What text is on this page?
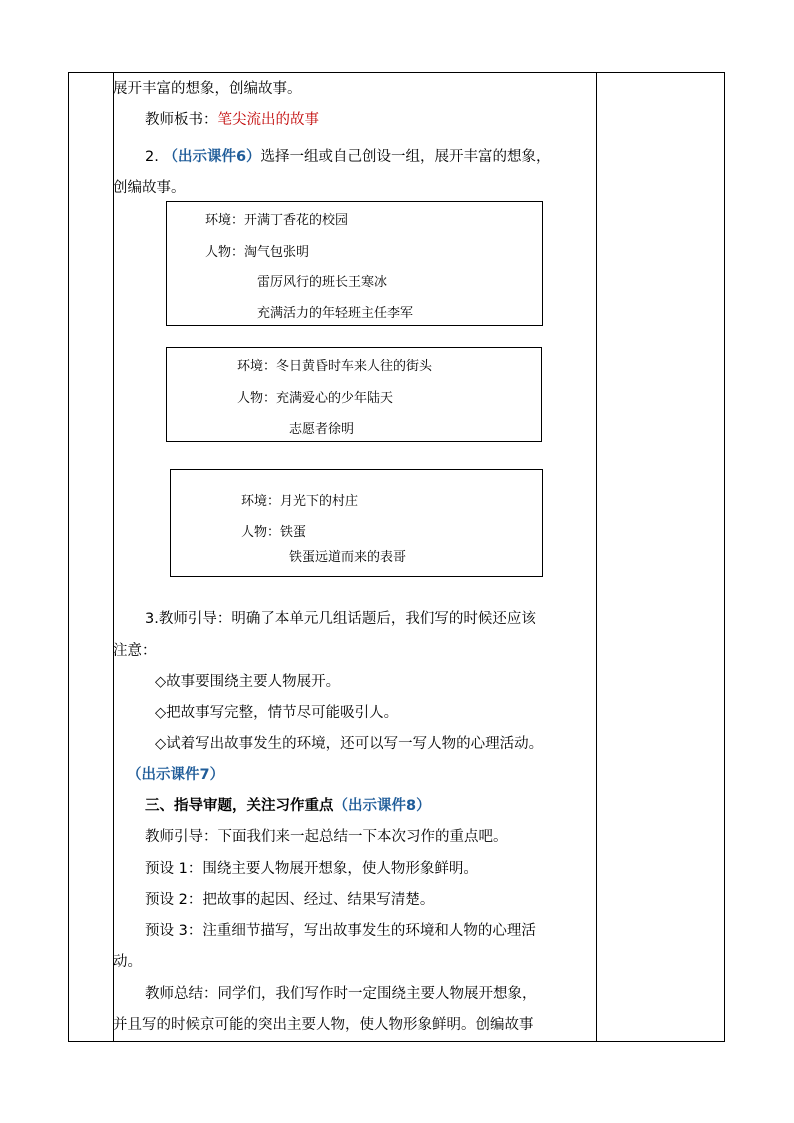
展开丰富的想象，创编故事。
教师板书：笔尖流出的故事
2. （出示课件6）选择一组或自己创设一组，展开丰富的想象，
创编故事。
3.教师引导：明确了本单元几组话题后，我们写的时候还应该
注意：
◇故事要围绕主要人物展开。
◇把故事写完整，情节尽可能吸引人。
◇试着写出故事发生的环境，还可以写一写人物的心理活动。
（出示课件7）
三、指导审题，关注习作重点（出示课件8）
教师引导：下面我们来一起总结一下本次习作的重点吧。
预设 1：围绕主要人物展开想象，使人物形象鲜明。
预设 2：把故事的起因、经过、结果写清楚。
预设 3：注重细节描写，写出故事发生的环境和人物的心理活
动。
教师总结：同学们，我们写作时一定围绕主要人物展开想象，
并且写的时候京可能的突出主要人物，使人物形象鲜明。创编故事
环境：开满丁香花的校园
人物：淘气包张明
雷厉风行的班长王寒冰
充满活力的年轻班主任李军
环境：冬日黄昏时车来人往的街头
人物：充满爱心的少年陆天
志愿者徐明
环境：月光下的村庄
人物：铁蛋
铁蛋远道而来的表哥
